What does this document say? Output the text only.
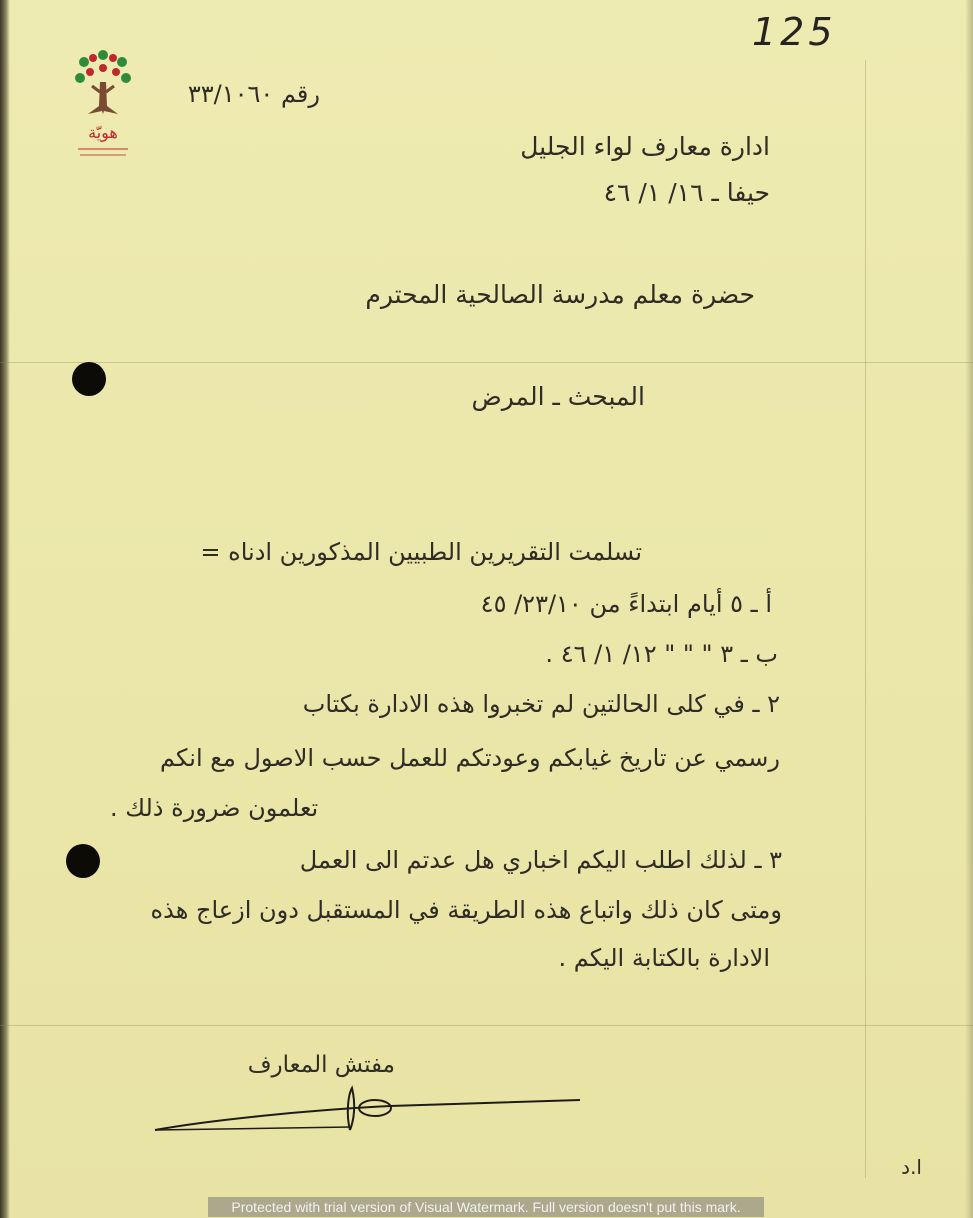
هويّة
125
رقم ۳۳/۱۰٦۰
ادارة معارف لواء الجليل
حيفا ـ ١٦/ ١/ ٤٦
حضرة معلم مدرسة الصالحية المحترم
المبحث ـ المرض
تسلمت التقريرين الطبيين المذكورين ادناه =
أ ـ ٥ أيام ابتداءً من ٢٣/١٠/ ٤٥
ب ـ ٣ " " " ١٢/ ١/ ٤٦ .
٢ ـ في كلى الحالتين لم تخبروا هذه الادارة بكتاب
رسمي عن تاريخ غيابكم وعودتكم للعمل حسب الاصول مع انكم
تعلمون ضرورة ذلك .
٣ ـ لذلك اطلب اليكم اخباري هل عدتم الى العمل
ومتى كان ذلك واتباع هذه الطريقة في المستقبل دون ازعاج هذه
الادارة بالكتابة اليكم .
مفتش المعارف
ا.د
Protected with trial version of Visual Watermark. Full version doesn't put this mark.
